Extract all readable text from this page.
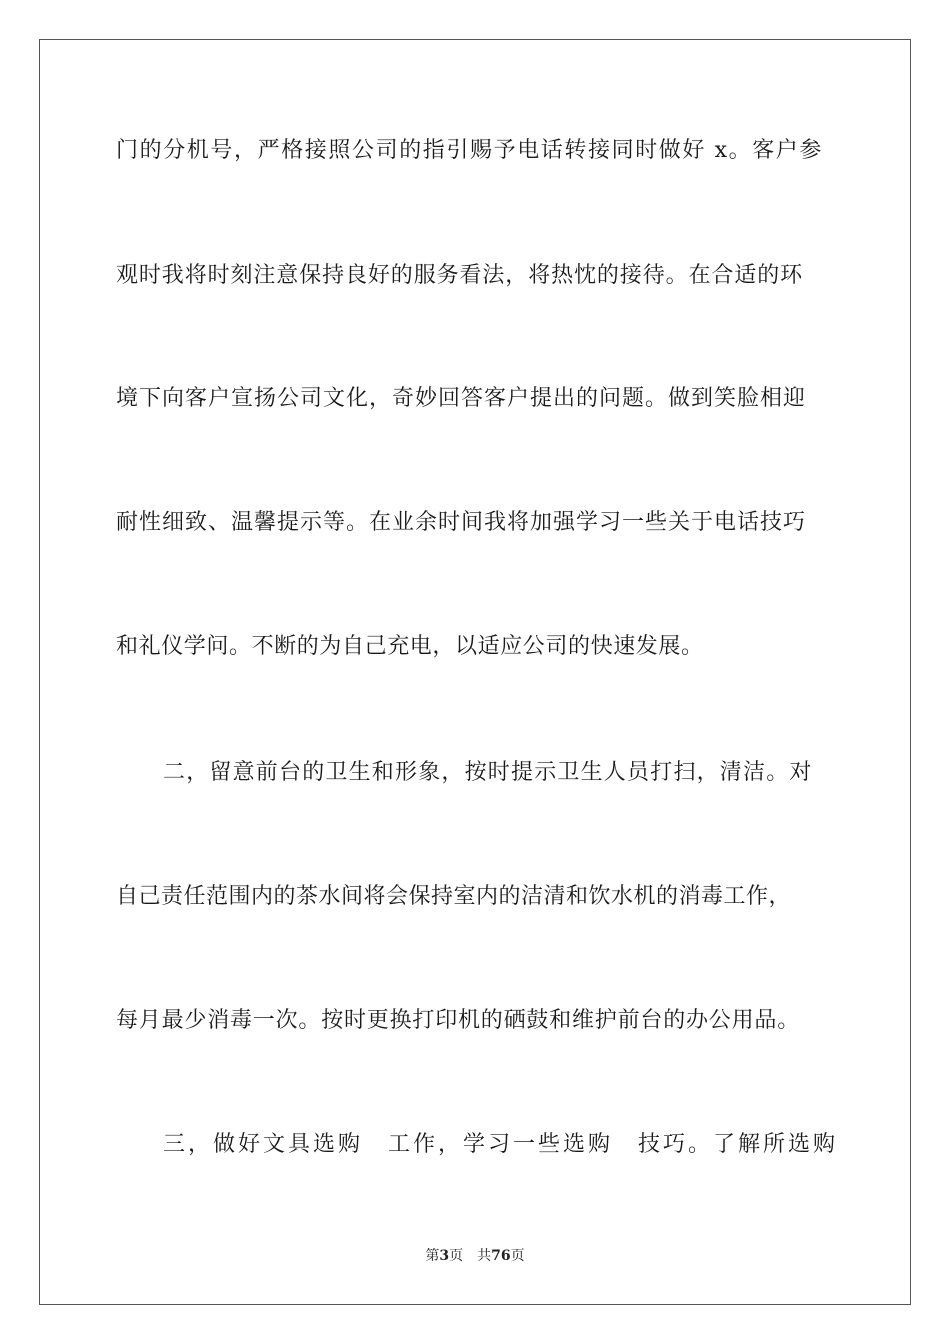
门的分机号，严格接照公司的指引赐予电话转接同时做好 x。客户参
观时我将时刻注意保持良好的服务看法，将热忱的接待。在合适的环
境下向客户宣扬公司文化，奇妙回答客户提出的问题。做到笑脸相迎
耐性细致、温馨提示等。在业余时间我将加强学习一些关于电话技巧
和礼仪学问。不断的为自己充电，以适应公司的快速发展。
二，留意前台的卫生和形象，按时提示卫生人员打扫，清洁。对
自己责任范围内的茶水间将会保持室内的洁清和饮水机的消毒工作，
每月最少消毒一次。按时更换打印机的硒鼓和维护前台的办公用品。
三，做好文具选购　工作，学习一些选购　技巧。了解所选购
第3页 共76页
